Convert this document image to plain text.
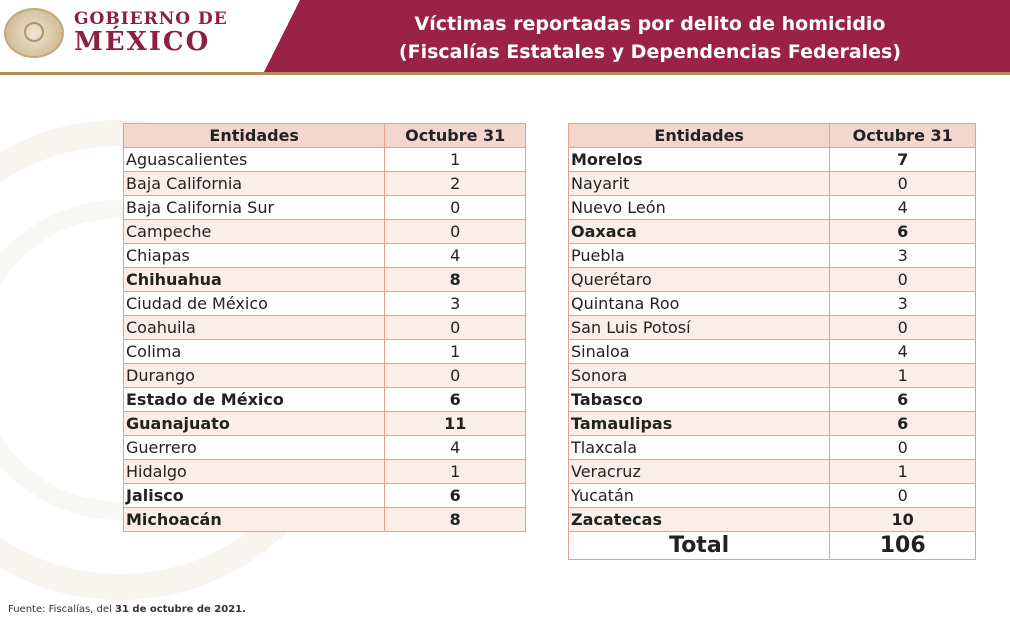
GOBIERNO DE
MÉXICO
Víctimas reportadas por delito de homicidio
(Fiscalías Estatales y Dependencias Federales)
Entidades	Octubre 31
Aguascalientes	1
Baja California	2
Baja California Sur	0
Campeche	0
Chiapas	4
Chihuahua	8
Ciudad de México	3
Coahuila	0
Colima	1
Durango	0
Estado de México	6
Guanajuato	11
Guerrero	4
Hidalgo	1
Jalisco	6
Michoacán	8
Entidades	Octubre 31
Morelos	7
Nayarit	0
Nuevo León	4
Oaxaca	6
Puebla	3
Querétaro	0
Quintana Roo	3
San Luis Potosí	0
Sinaloa	4
Sonora	1
Tabasco	6
Tamaulipas	6
Tlaxcala	0
Veracruz	1
Yucatán	0
Zacatecas	10
Total	106
Fuente: Fiscalías, del 31 de octubre de 2021.
